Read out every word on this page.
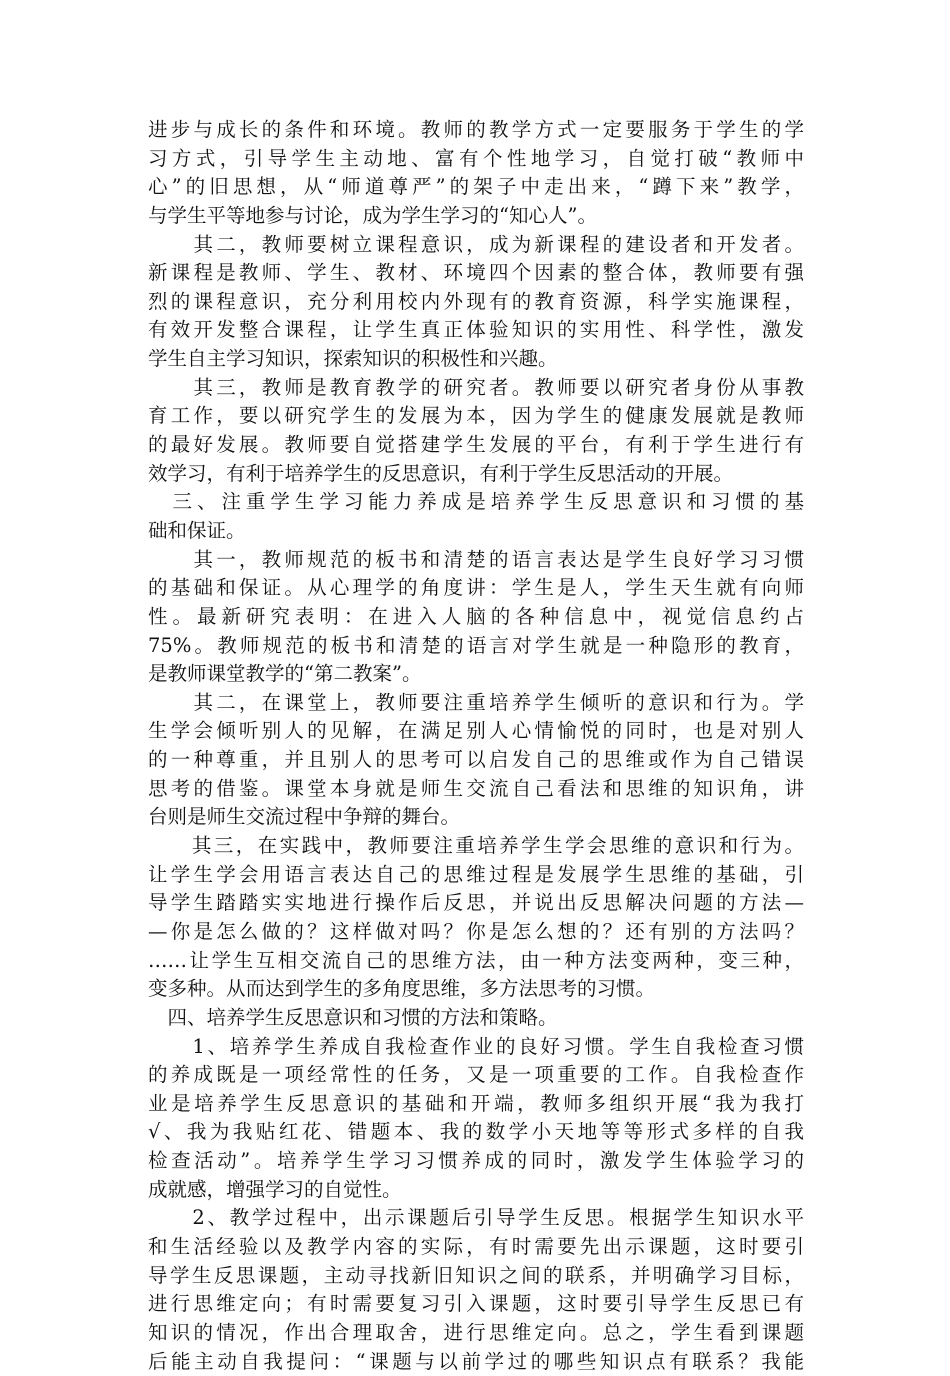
进步与成长的条件和环境。教师的教学方式一定要服务于学生的学
习方式，引导学生主动地、富有个性地学习，自觉打破“教师中
心”的旧思想，从“师道尊严”的架子中走出来，“蹲下来”教学，
与学生平等地参与讨论，成为学生学习的“知心人”。
　　其二，教师要树立课程意识，成为新课程的建设者和开发者。
新课程是教师、学生、教材、环境四个因素的整合体，教师要有强
烈的课程意识，充分利用校内外现有的教育资源，科学实施课程，
有效开发整合课程，让学生真正体验知识的实用性、科学性，激发
学生自主学习知识，探索知识的积极性和兴趣。
　　其三，教师是教育教学的研究者。教师要以研究者身份从事教
育工作，要以研究学生的发展为本，因为学生的健康发展就是教师
的最好发展。教师要自觉搭建学生发展的平台，有利于学生进行有
效学习，有利于培养学生的反思意识，有利于学生反思活动的开展。
　三、注重学生学习能力养成是培养学生反思意识和习惯的基
础和保证。
　　其一，教师规范的板书和清楚的语言表达是学生良好学习习惯
的基础和保证。从心理学的角度讲：学生是人，学生天生就有向师
性。最新研究表明：在进入人脑的各种信息中，视觉信息约占
75%。教师规范的板书和清楚的语言对学生就是一种隐形的教育，
是教师课堂教学的“第二教案”。
　　其二，在课堂上，教师要注重培养学生倾听的意识和行为。学
生学会倾听别人的见解，在满足别人心情愉悦的同时，也是对别人
的一种尊重，并且别人的思考可以启发自己的思维或作为自己错误
思考的借鉴。课堂本身就是师生交流自己看法和思维的知识角，讲
台则是师生交流过程中争辩的舞台。
　　其三，在实践中，教师要注重培养学生学会思维的意识和行为。
让学生学会用语言表达自己的思维过程是发展学生思维的基础，引
导学生踏踏实实地进行操作后反思，并说出反思解决问题的方法—
—你是怎么做的？这样做对吗？你是怎么想的？还有别的方法吗？
……让学生互相交流自己的思维方法，由一种方法变两种，变三种，
变多种。从而达到学生的多角度思维，多方法思考的习惯。
　四、培养学生反思意识和习惯的方法和策略。
　　1、培养学生养成自我检查作业的良好习惯。学生自我检查习惯
的养成既是一项经常性的任务，又是一项重要的工作。自我检查作
业是培养学生反思意识的基础和开端，教师多组织开展“我为我打
√、我为我贴红花、错题本、我的数学小天地等等形式多样的自我
检查活动”。培养学生学习习惯养成的同时，激发学生体验学习的
成就感，增强学习的自觉性。
　　2、教学过程中，出示课题后引导学生反思。根据学生知识水平
和生活经验以及教学内容的实际，有时需要先出示课题，这时要引
导学生反思课题，主动寻找新旧知识之间的联系，并明确学习目标，
进行思维定向；有时需要复习引入课题，这时要引导学生反思已有
知识的情况，作出合理取舍，进行思维定向。总之，学生看到课题
后能主动自我提问：“课题与以前学过的哪些知识点有联系？我能
